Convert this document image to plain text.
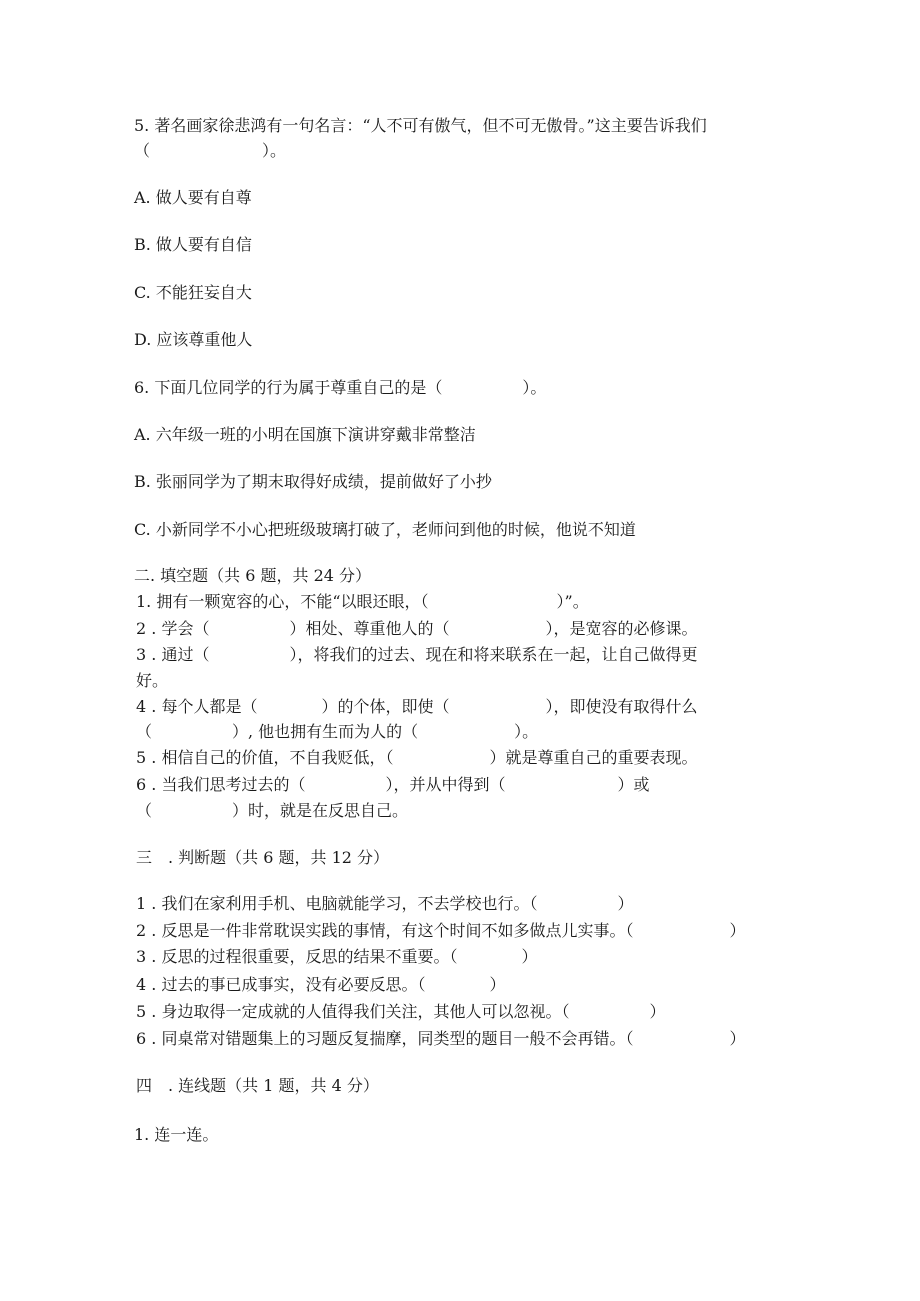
5. 著名画家徐悲鸿有一句名言：“人不可有傲气，但不可无傲骨。”这主要告诉我们
（　　　　　　　）。
A. 做人要有自尊
B. 做人要有自信
C. 不能狂妄自大
D. 应该尊重他人
6. 下面几位同学的行为属于尊重自己的是（　　　　　）。
A. 六年级一班的小明在国旗下演讲穿戴非常整洁
B. 张丽同学为了期末取得好成绩，提前做好了小抄
C. 小新同学不小心把班级玻璃打破了，老师问到他的时候，他说不知道
二. 填空题（共 6 题，共 24 分）
1. 拥有一颗宽容的心，不能“以眼还眼，（　　　　　　　　）”。
2 . 学会（　　　　　）相处、尊重他人的（　　　　　　），是宽容的必修课。
3 . 通过（　　　　　），将我们的过去、现在和将来联系在一起，让自己做得更
好。
4 . 每个人都是（　　　　）的个体，即使（　　　　　　），即使没有取得什么
（　　　　　）, 他也拥有生而为人的（　　　　　　）。
5 . 相信自己的价值，不自我贬低，（　　　　　　）就是尊重自己的重要表现。
6 . 当我们思考过去的（　　　　　），并从中得到（　　　　　　　）或
（　　　　　）时，就是在反思自己。
三　. 判断题（共 6 题，共 12 分）
1 . 我们在家利用手机、电脑就能学习，不去学校也行。（　　　　　）
2 . 反思是一件非常耽误实践的事情，有这个时间不如多做点儿实事。（　　　　　　）
3 . 反思的过程很重要，反思的结果不重要。（　　　　）
4 . 过去的事已成事实，没有必要反思。（　　　　）
5 . 身边取得一定成就的人值得我们关注，其他人可以忽视。（　　　　　）
6 . 同桌常对错题集上的习题反复揣摩，同类型的题目一般不会再错。（　　　　　　）
四　. 连线题（共 1 题，共 4 分）
1. 连一连。
